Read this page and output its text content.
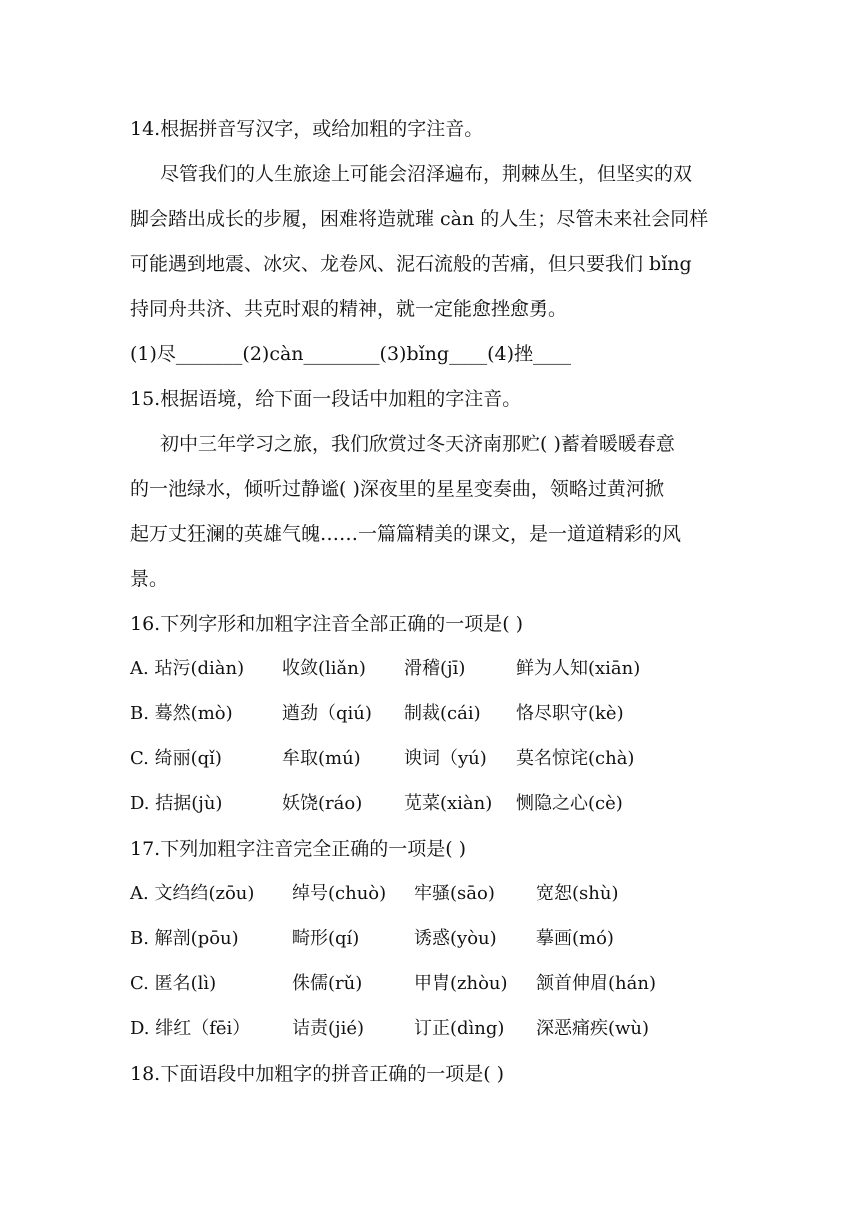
14.根据拼音写汉字，或给加粗的字注音。
尽管我们的人生旅途上可能会沼泽遍布，荆棘丛生，但坚实的双
脚会踏出成长的步履，困难将造就璀 càn 的人生；尽管未来社会同样
可能遇到地震、冰灾、龙卷风、泥石流般的苦痛，但只要我们 bǐng
持同舟共济、共克时艰的精神，就一定能愈挫愈勇。
(1)尽_______(2)càn________(3)bǐng____(4)挫____
15.根据语境，给下面一段话中加粗的字注音。
初中三年学习之旅，我们欣赏过冬天济南那贮( )蓄着暖暖春意
的一池绿水，倾听过静谧( )深夜里的星星变奏曲，领略过黄河掀
起万丈狂澜的英雄气魄……一篇篇精美的课文，是一道道精彩的风
景。
16.下列字形和加粗字注音全部正确的一项是( )
A. 玷污(diàn) 收敛(liǎn) 滑稽(jī)	鲜为人知(xiān)
B. 蓦然(mò)	遒劲（qiú) 制裁(cái) 恪尽职守(kè)
C. 绮丽(qǐ)	牟取(mú) 谀词（yú) 莫名惊诧(chà)
D. 拮据(jù)	妖饶(ráo) 苋菜(xiàn) 恻隐之心(cè)
17.下列加粗字注音完全正确的一项是( )
A. 文绉绉(zōu) 绰号(chuò) 牢骚(sāo) 宽恕(shù)
B. 解剖(pōu)	畸形(qí)	诱惑(yòu) 摹画(mó)
C. 匿名(lì)	侏儒(rǔ)	甲胄(zhòu) 颔首伸眉(hán)
D. 绯红（fēi） 诘责(jié)	订正(dìng) 深恶痛疾(wù)
18.下面语段中加粗字的拼音正确的一项是( )
